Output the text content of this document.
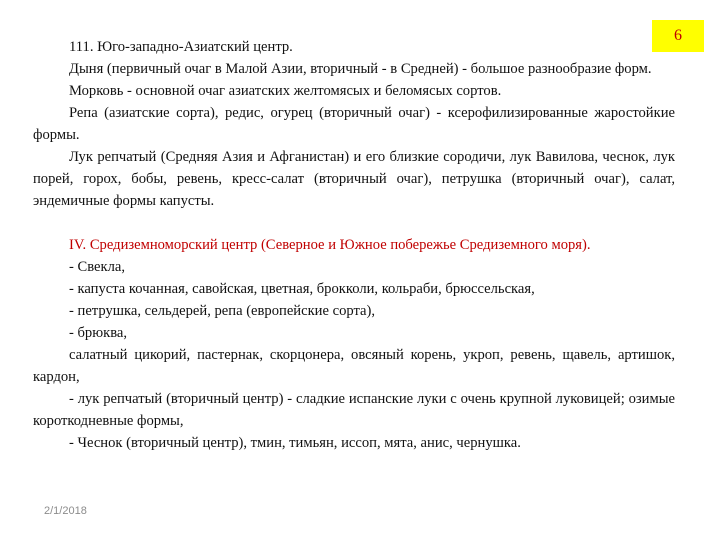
6

111. Юго-западно-Азиатский центр.

Дыня (первичный очаг в Малой Азии, вторичный - в Средней) - большое разнообразие форм.

Морковь - основной очаг азиатских желтомясых и беломясых сортов.

Репа (азиатские сорта), редис, огурец (вторичный очаг) - ксерофилизированные жаростойкие формы.

Лук репчатый (Средняя Азия и Афганистан) и его близкие сородичи, лук Вавилова, чеснок, лук порей, горох, бобы, ревень, кресс-салат (вторичный очаг), петрушка (вторичный очаг), салат, эндемичные формы капусты.

IV. Средиземноморский центр (Северное и Южное побережье Средиземного моря).

- Свекла,

- капуста кочанная, савойская, цветная, брокколи, кольраби, брюссельская,

- петрушка, сельдерей, репа (европейские сорта),

- брюква,

салатный цикорий, пастернак, скорцонера, овсяный корень, укроп, ревень, щавель, артишок, кардон,

- лук репчатый (вторичный центр) - сладкие испанские луки с очень крупной луковицей; озимые короткодневные формы,

- Чеснок (вторичный центр), тмин, тимьян, иссоп, мята, анис, чернушка.

2/1/2018
